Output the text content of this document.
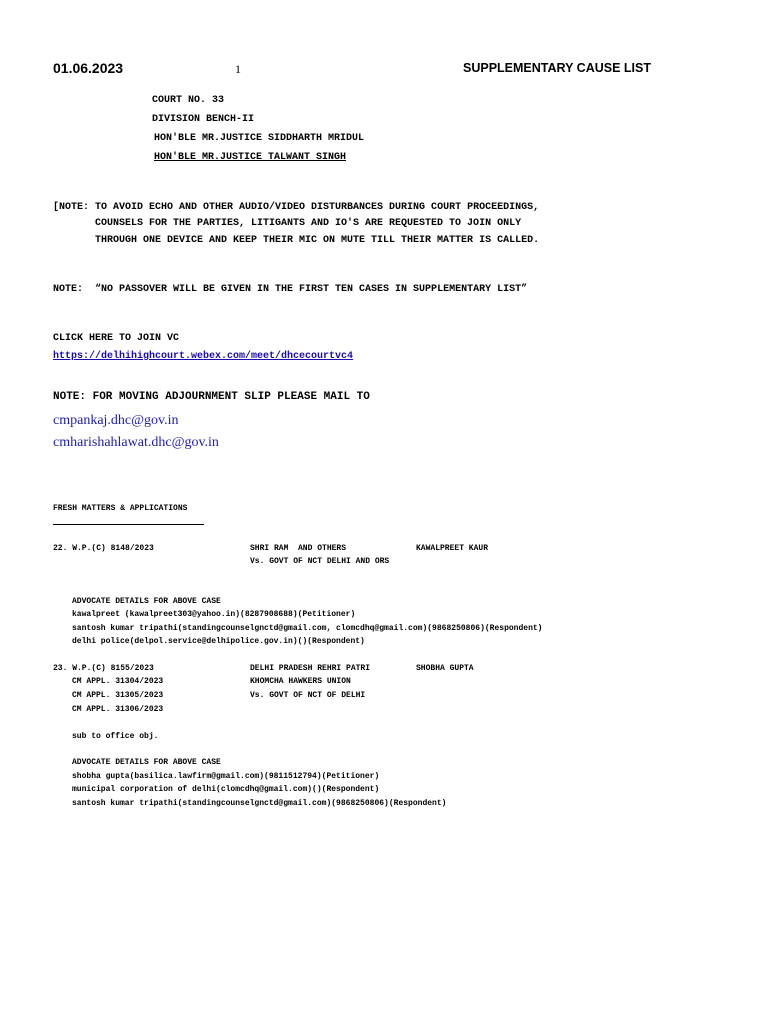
01.06.2023	1	SUPPLEMENTARY CAUSE LIST
COURT NO. 33
DIVISION BENCH-II
HON'BLE MR.JUSTICE SIDDHARTH MRIDUL
HON'BLE MR.JUSTICE TALWANT SINGH
[NOTE: TO AVOID ECHO AND OTHER AUDIO/VIDEO DISTURBANCES DURING COURT PROCEEDINGS,
COUNSELS FOR THE PARTIES, LITIGANTS AND IO'S ARE REQUESTED TO JOIN ONLY
THROUGH ONE DEVICE AND KEEP THEIR MIC ON MUTE TILL THEIR MATTER IS CALLED.
NOTE:  “NO PASSOVER WILL BE GIVEN IN THE FIRST TEN CASES IN SUPPLEMENTARY LIST”
CLICK HERE TO JOIN VC
https://delhihighcourt.webex.com/meet/dhcecourtvc4
NOTE: FOR MOVING ADJOURNMENT SLIP PLEASE MAIL TO
cmpankaj.dhc@gov.in
cmharishahlawat.dhc@gov.in
FRESH MATTERS & APPLICATIONS
22. W.P.(C) 8148/2023	SHRI RAM  AND OTHERS	KAWALPREET KAUR
Vs. GOVT OF NCT DELHI AND ORS
ADVOCATE DETAILS FOR ABOVE CASE
kawalpreet (kawalpreet303@yahoo.in)(8287908688)(Petitioner)
santosh kumar tripathi(standingcounselgnctd@gmail.com, clomcdhq@gmail.com)(9868250806)(Respondent)
delhi police(delpol.service@delhipolice.gov.in)()(Respondent)
23. W.P.(C) 8155/2023	DELHI PRADESH REHRI PATRI	SHOBHA GUPTA
CM APPL. 31304/2023	KHOMCHA HAWKERS UNION
CM APPL. 31305/2023	Vs. GOVT OF NCT OF DELHI
CM APPL. 31306/2023
sub to office obj.
ADVOCATE DETAILS FOR ABOVE CASE
shobha gupta(basilica.lawfirm@gmail.com)(9811512794)(Petitioner)
municipal corporation of delhi(clomcdhq@gmail.com)()(Respondent)
santosh kumar tripathi(standingcounselgnctd@gmail.com)(9868250806)(Respondent)
